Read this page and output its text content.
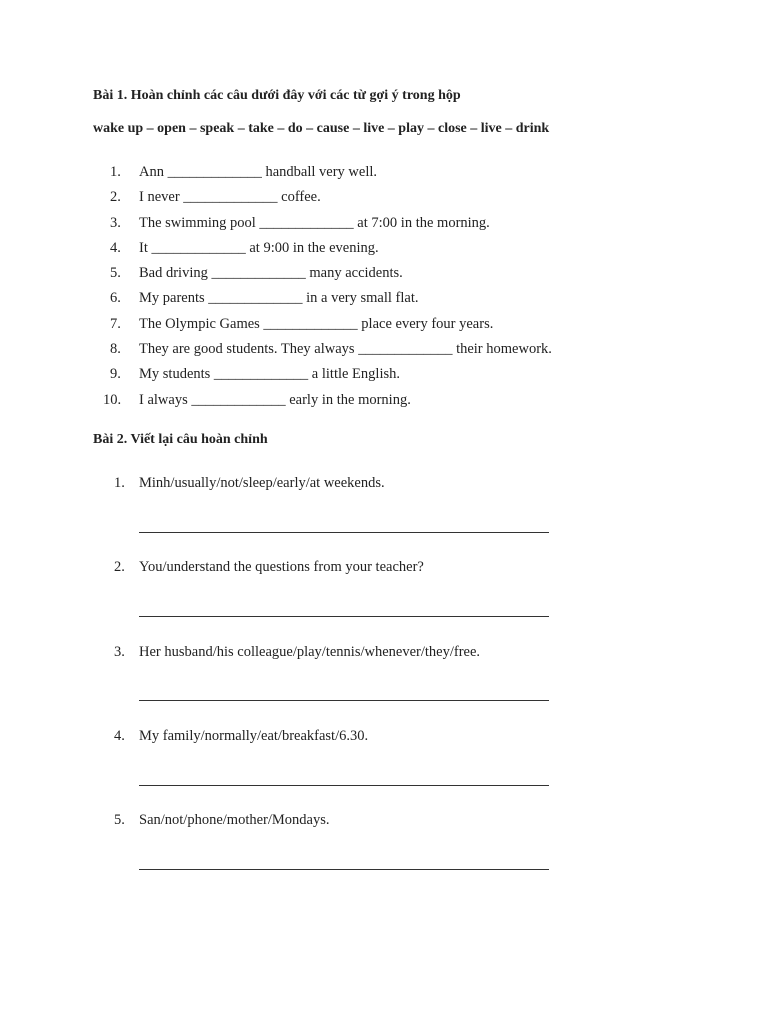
Bài 1. Hoàn chỉnh các câu dưới đây với các từ gợi ý trong hộp
wake up – open – speak – take – do – cause – live – play – close – live – drink
1. Ann _____________ handball very well.
2. I never _____________ coffee.
3. The swimming pool _____________ at 7:00 in the morning.
4. It _____________ at 9:00 in the evening.
5. Bad driving _____________ many accidents.
6. My parents _____________ in a very small flat.
7. The Olympic Games _____________ place every four years.
8. They are good students. They always _____________ their homework.
9. My students _____________ a little English.
10. I always _____________ early in the morning.
Bài 2. Viết lại câu hoàn chỉnh
1. Minh/usually/not/sleep/early/at weekends.
2. You/understand the questions from your teacher?
3. Her husband/his colleague/play/tennis/whenever/they/free.
4. My family/normally/eat/breakfast/6.30.
5. San/not/phone/mother/Mondays.
